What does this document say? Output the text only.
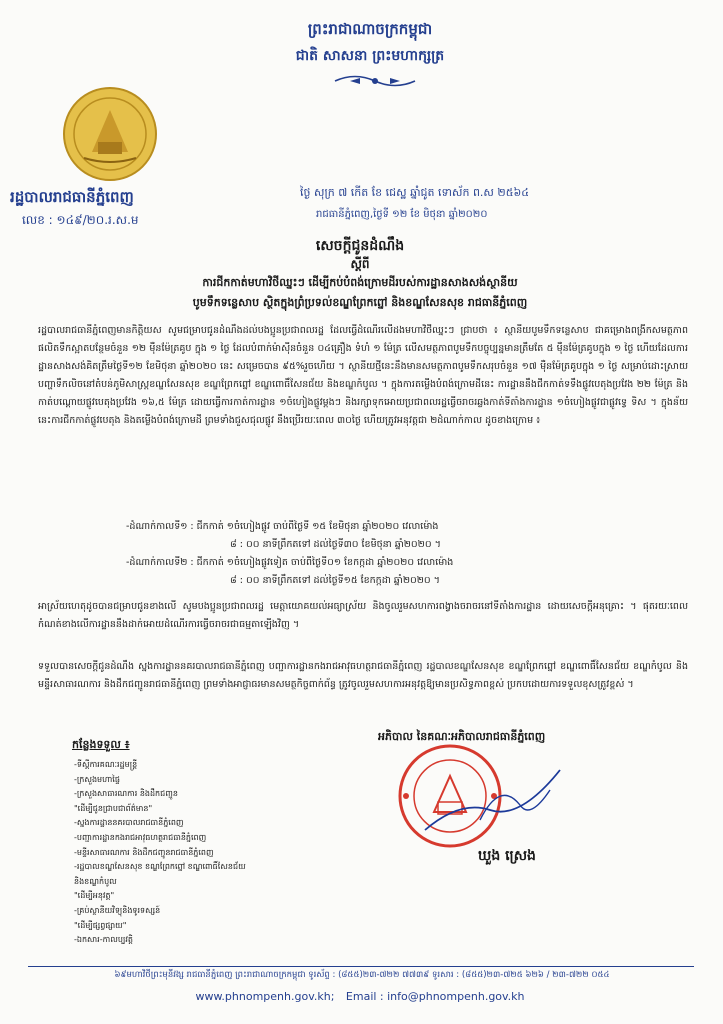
ព្រះរាជាណាចក្រកម្ពុជា
ជាតិ សាសនា ព្រះមហាក្សត្រ
រដ្ឋបាលរាជធានីភ្នំពេញ
លេខ : ១៤៩/២០.រ.ស.ម
ថ្ងៃ សុក្រ ៧ កើត ខែ ជេស្ឋ ឆ្នាំជូត ទោស័ក ព.ស ២៥៦៤
រាជធានីភ្នំពេញ,ថ្ងៃទី ១២ ខែ មិថុនា ឆ្នាំ២០២០
សេចក្តីជូនដំណឹង
ស្តីពី
ការជីកកាត់មហាវិថីឈ្នះៗ ដើម្បីកប់បំពង់ក្រោមដីរបស់ការដ្ឋានសាងសង់ស្ថានីយ
បូមទឹកទន្លេសាប ស្ថិតក្នុងព្រំប្រទល់ខណ្ឌព្រែកព្នៅ និងខណ្ឌសែនសុខ រាជធានីភ្នំពេញ
រដ្ឋបាលរាជធានីភ្នំពេញមានកិត្តិយស សូមជម្រាបជូនដំណឹងដល់បងប្អូនប្រជាពលរដ្ឋ ដែលធ្វើដំណើរលើដងមហាវិថីឈ្នះៗ ជ្រាបថា ៖ ស្ថានីយបូមទឹកទន្លេសាប ជាគម្រោងពង្រីកសមត្ថភាពផលិតទឹកស្អាតបន្ថែមចំនួន ១២ ម៉ឺនម៉ែត្រគូប ក្នុង ១ ថ្ងៃ ដែលបំពាក់ម៉ាស៊ីនចំនួន ០៤គ្រឿង ទំហំ ១ ម៉ែត្រ លើសមត្ថភាពបូមទឹកបច្ចុប្បន្នមានត្រឹមតែ ៥ ម៉ឺនម៉ែត្រគូបក្នុង ១ ថ្ងៃ ហើយដែលការដ្ឋានសាងសង់គិតត្រឹមថ្ងៃទី១២ ខែមិថុនា ឆ្នាំ២០២០ នេះ សម្រេចបាន ៩៥%រួចហើយ ។ ស្ថានីយថ្មីនេះនឹងមានសមត្ថភាពបូមទឹកសរុបចំនួន ១៧ ម៉ឺនម៉ែត្រគូបក្នុង ១ ថ្ងៃ សម្រាប់ដោះស្រាយបញ្ហាទឹកលិចនៅតំបន់ភូមិសាស្រ្តខណ្ឌសែនសុខ ខណ្ឌព្រែកព្នៅ ខណ្ឌពោធិ៍សែនជ័យ និងខណ្ឌកំបូល ។ ក្នុងការតម្លើងបំពង់ក្រោមដីនេះ ការដ្ឋាននឹងជីកកាត់ទទឹងផ្លូវបេតុងប្រវែង ២២ ម៉ែត្រ និងកាត់បណ្តោយផ្លូវបេតុងប្រវែង ១៦,៥ ម៉ែត្រ ដោយធ្វើការកាត់ការដ្ឋាន ១ចំហៀងផ្លូវម្តងៗ និងរក្សាទុកអោយប្រជាពលរដ្ឋធ្វើចរាចរឆ្លងកាត់ទីតាំងការដ្ឋាន ១ចំហៀងផ្លូវជាផ្លូវទ្វេ ទិស ។ ក្នុងន័យនេះការជីកកាត់ផ្លូវបេតុង និងតម្លើងបំពង់ក្រោមដី ព្រមទាំងជួសជុលផ្លូវ នឹងប្រើរយៈពេល ៣០ថ្ងៃ ហើយត្រូវអនុវត្តជា ២ដំណាក់កាល ដូចខាងក្រោម ៖
-ដំណាក់កាលទី១ : ជីកកាត់ ១ចំហៀងផ្លូវ ចាប់ពីថ្ងៃទី ១៥ ខែមិថុនា ឆ្នាំ២០២០ វេលាម៉ោង
៨ : ០០ នាទីព្រឹកតទៅ ដល់ថ្ងៃទី៣០ ខែមិថុនា ឆ្នាំ២០២០ ។
-ដំណាក់កាលទី២ : ជីកកាត់ ១ចំហៀងផ្លូវទៀត ចាប់ពីថ្ងៃទី០១ ខែកក្កដា ឆ្នាំ២០២០ វេលាម៉ោង
៨ : ០០ នាទីព្រឹកតទៅ ដល់ថ្ងៃទី១៥ ខែកក្កដា ឆ្នាំ២០២០ ។
អាស្រ័យហេតុដូចបានជម្រាបជូនខាងលើ សូមបងប្អូនប្រជាពលរដ្ឋ មេត្តាយោគយល់អធ្យាស្រ័យ និងចូលរួមសហការពង្វាងចរាចរនៅទីតាំងការដ្ឋាន ដោយសេចក្តីអនុគ្រោះ ។ ផុតរយៈពេលកំណត់ខាងលើការដ្ឋាននឹងដាក់អោយដំណើរការធ្វើចរាចរជាធម្មតាឡើងវិញ ។
ទទួលបានសេចក្តីជូនដំណឹង ស្នងការដ្ឋាននគរបាលរាជធានីភ្នំពេញ បញ្ជាការដ្ឋានកងរាជអាវុធហត្ថរាជធានីភ្នំពេញ រដ្ឋបាលខណ្ឌសែនសុខ ខណ្ឌព្រែកព្នៅ ខណ្ឌពោធិ៍សែនជ័យ ខណ្ឌកំបូល និងមន្ទីរសាធារណការ និងដឹកជញ្ជូនរាជធានីភ្នំពេញ ព្រមទាំងអាជ្ញាធរមានសមត្ថកិច្ចពាក់ព័ន្ធ ត្រូវចូលរួមសហការអនុវត្តឱ្យមានប្រសិទ្ធភាពខ្ពស់ ប្រកបដោយការទទួលខុសត្រូវខ្ពស់ ។
កន្លែងទទួល ៖
-ទីស្តីការគណៈរដ្ឋមន្ត្រី
-ក្រសួងមហាផ្ទៃ
-ក្រសួងសាធារណការ និងដឹកជញ្ជូន
"ដើម្បីជូនជ្រាបជាព័ត៌មាន"
-ស្នងការដ្ឋាននគរបាលរាជធានីភ្នំពេញ
-បញ្ជាការដ្ឋានកងរាជអាវុធហត្ថរាជធានីភ្នំពេញ
-មន្ទីរសាធារណការ និងដឹកជញ្ជូនរាជធានីភ្នំពេញ
-រដ្ឋបាលខណ្ឌសែនសុខ ខណ្ឌព្រែកព្នៅ ខណ្ឌពោធិ៍សែនជ័យ
និងខណ្ឌកំបូល
"ដើម្បីអនុវត្ត"
-គ្រប់ស្ថានីយវិទ្យុនិងទូរទស្សន៍
"ដើម្បីផ្សព្វផ្សាយ"
-ឯកសារ-កាលប្បវត្តិ
អភិបាល នៃគណៈអភិបាលរាជធានីភ្នំពេញ
ឃួង ស្រេង
៦៩មហាវិថីព្រះមុនីវង្ស រាជធានីភ្នំពេញ ព្រះរាជាណាចក្រកម្ពុជា ទូរស័ព្ទ : (៨៥៥)២៣-៧២២ ៧៧៣៩ ទូរសារ : (៨៥៥)២៣-៧២៥ ៦២៦ / ២៣-៧២២ ០៥៤
www.phnompenh.gov.kh; Email : info@phnompenh.gov.kh
